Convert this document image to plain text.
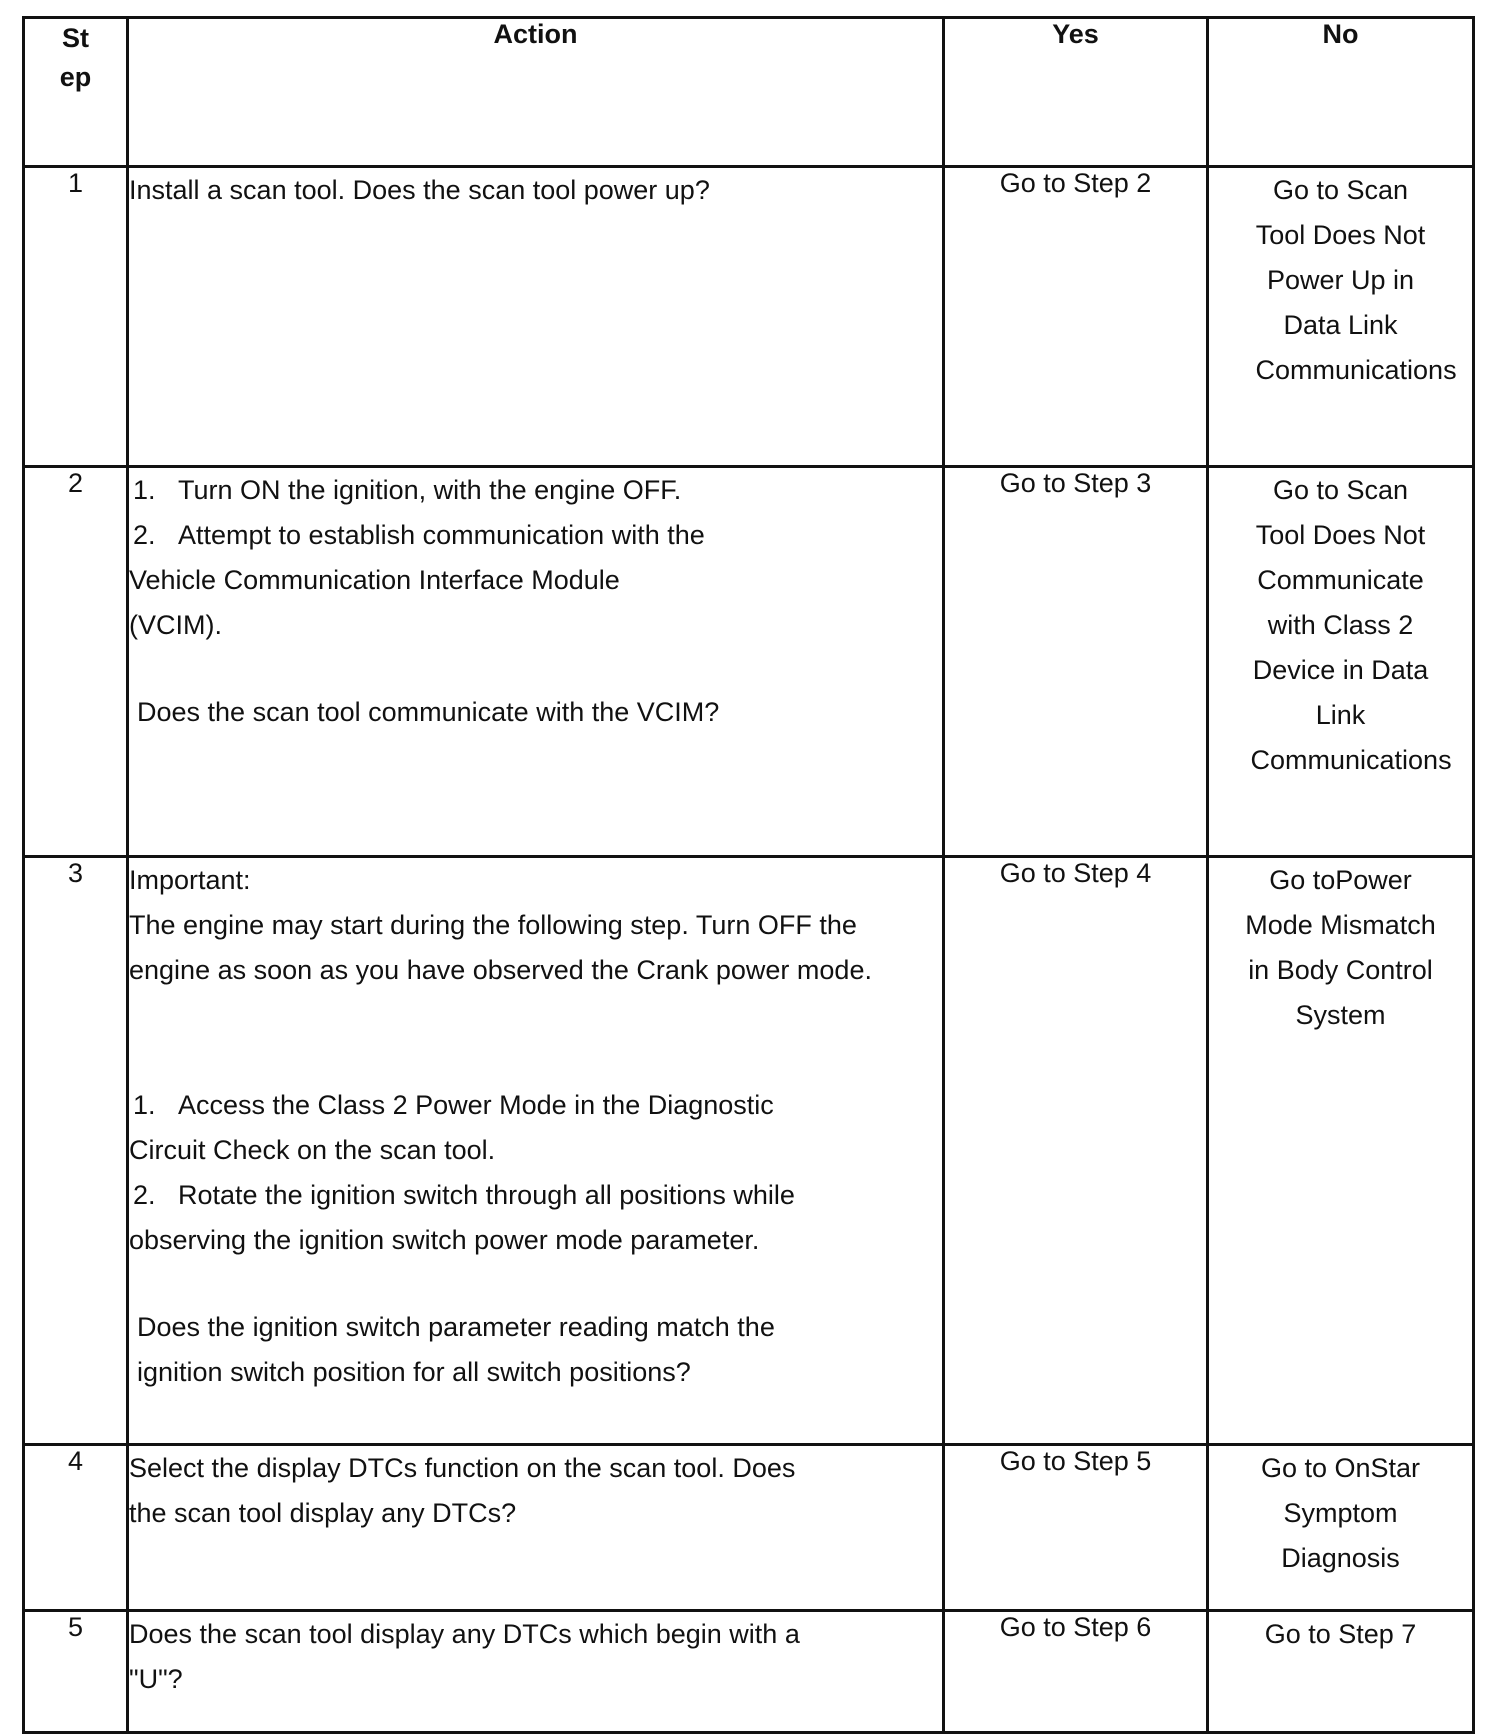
St
ep	Action	Yes	No

1	Install a scan tool. Does the scan tool power up?	Go to Step 2	Go to Scan Tool Does Not Power Up in Data Link Communications
2	1. Turn ON the ignition, with the engine OFF.

2. Attempt to establish communication with the Vehicle Communication Interface Module (VCIM).

Does the scan tool communicate with the VCIM?	Go to Step 3	Go to Scan Tool Does Not Communicate with Class 2 Device in Data Link Communications
3	Important:

The engine may start during the following step. Turn OFF the engine as soon as you have observed the Crank power mode.

1. Access the Class 2 Power Mode in the Diagnostic Circuit Check on the scan tool.

2. Rotate the ignition switch through all positions while observing the ignition switch power mode parameter.

Does the ignition switch parameter reading match the ignition switch position for all switch positions?	Go to Step 4	Go toPower Mode Mismatch in Body Control System
4	Select the display DTCs function on the scan tool. Does the scan tool display any DTCs?	Go to Step 5	Go to OnStar Symptom Diagnosis
5	Does the scan tool display any DTCs which begin with a "U"?	Go to Step 6	Go to Step 7
